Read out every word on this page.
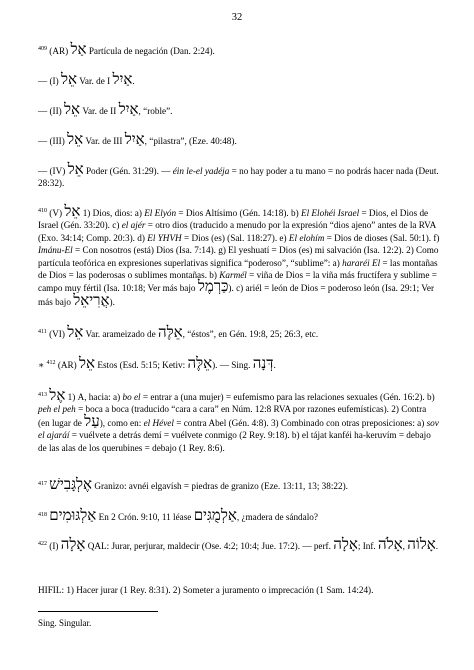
32
$^{409}$ (AR) אַל Partícula de negación (Dan. 2:24).
— (I) אֵל Var. de I אַיִל.
— (II) אֵל Var. de II אַיִל, “roble”.
— (III) אֵל Var. de III אַיִל, “pilastra”, (Eze. 40:48).
— (IV) אֵל Poder (Gén. 31:29). — éin le-el yadéja = no hay poder a tu mano = no podrás hacer nada (Deut. 28:32).
$^{410}$ (V) אֵל 1) Dios, dios: a) El Elyón = Dios Altísimo (Gén. 14:18). b) El Elohéi Israel = Dios, el Dios de Israel (Gén. 33:20). c) el ajér = otro dios (traducido a menudo por la expresión “dios ajeno” antes de la RVA (Exo. 34:14; Comp. 20:3). d) El YHVH = Dios (es) (Sal. 118:27). e) El elohím = Dios de dioses (Sal. 50:1). f) Imánu-El = Con nosotros (está) Dios (Isa. 7:14). g) El yeshuatí = Dios (es) mi salvación (Isa. 12:2). 2) Como partícula teofórica en expresiones superlativas significa “poderoso”, “sublime”: a) hararéi El = las montañas de Dios = las poderosas o sublimes montañas. b) Karmél = viña de Dios = la viña más fructífera y sublime = campo muy fértil (Isa. 10:18; Ver más bajo כַּרְמֶל). c) ariél = león de Dios = poderoso león (Isa. 29:1; Ver más bajo אֲרִיאֵל).
$^{411}$ (VI) אֵל Var. arameizado de אֵלֶּה, “éstos”, en Gén. 19:8, 25; 26:3, etc.
∗ $^{412}$ (AR) אֵל Estos (Esd. 5:15; Ketiv: אֵלֶּה). — Sing. דְּנָה.
$^{413}$ אֶל 1) A, hacia: a) bo el = entrar a (una mujer) = eufemismo para las relaciones sexuales (Gén. 16:2). b) peh el peh = boca a boca (traducido “cara a cara” en Núm. 12:8 RVA por razones eufemísticas). 2) Contra (en lugar de עַל), como en: el Hével = contra Abel (Gén. 4:8). 3) Combinado con otras preposiciones: a) sov el ajaráí = vuélvete a detrás demí = vuélvete conmigo (2 Rey. 9:18). b) el tájat kanféi ha-keruvím = debajo de las alas de los querubines = debajo (1 Rey. 8:6).
$^{417}$ אֶלְגָּבִישׁ Granizo: avnéi elgavísh = piedras de granizo (Eze. 13:11, 13; 38:22).
$^{418}$ אַלְגּוּמִים En 2 Crón. 9:10, 11 léase אַלְמֻגִּים, ¿madera de sándalo?
$^{422}$ (I) אָלָה QAL: Jurar, perjurar, maldecir (Ose. 4:2; 10:4; Jue. 17:2). — perf. אָלָה; Inf. אָלֹה, אָלוֹה.
HIFIL: 1) Hacer jurar (1 Rey. 8:31). 2) Someter a juramento o imprecación (1 Sam. 14:24).
Sing. Singular.
